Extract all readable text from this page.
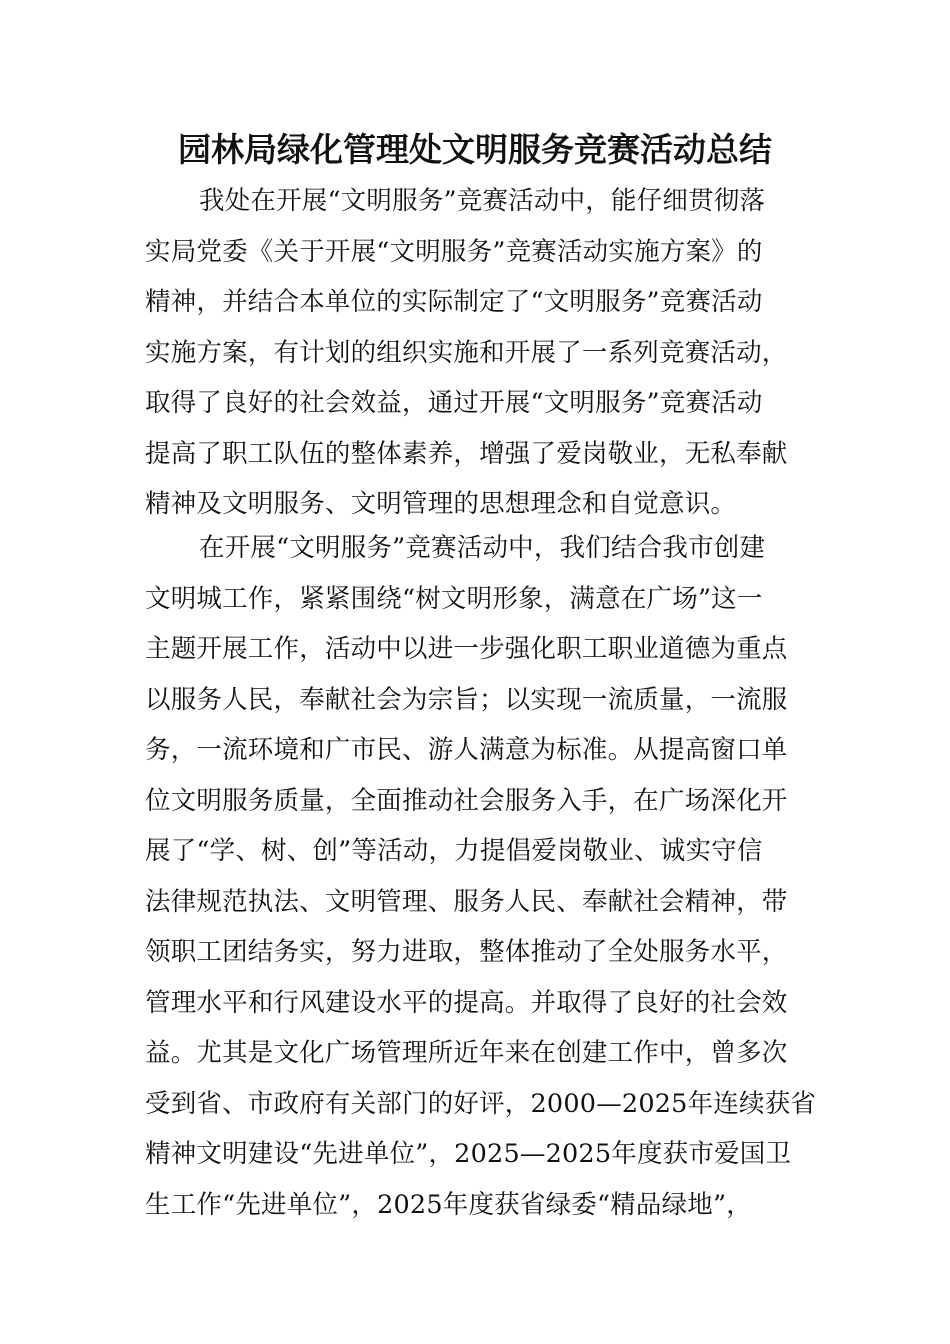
园林局绿化管理处文明服务竞赛活动总结
我处在开展“文明服务”竞赛活动中，能仔细贯彻落
实局党委《关于开展“文明服务”竞赛活动实施方案》的
精神，并结合本单位的实际制定了“文明服务”竞赛活动
实施方案，有计划的组织实施和开展了一系列竞赛活动，
取得了良好的社会效益，通过开展“文明服务”竞赛活动
提高了职工队伍的整体素养，增强了爱岗敬业，无私奉献
精神及文明服务、文明管理的思想理念和自觉意识。
在开展“文明服务”竞赛活动中，我们结合我市创建
文明城工作，紧紧围绕“树文明形象，满意在广场”这一
主题开展工作，活动中以进一步强化职工职业道德为重点
以服务人民，奉献社会为宗旨；以实现一流质量，一流服
务，一流环境和广市民、游人满意为标准。从提高窗口单
位文明服务质量，全面推动社会服务入手，在广场深化开
展了“学、树、创”等活动，力提倡爱岗敬业、诚实守信
法律规范执法、文明管理、服务人民、奉献社会精神，带
领职工团结务实，努力进取，整体推动了全处服务水平，
管理水平和行风建设水平的提高。并取得了良好的社会效
益。尤其是文化广场管理所近年来在创建工作中，曾多次
受到省、市政府有关部门的好评，2000—2025年连续获省
精神文明建设“先进单位”，2025—2025年度获市爱国卫
生工作“先进单位”，2025年度获省绿委“精品绿地”，
